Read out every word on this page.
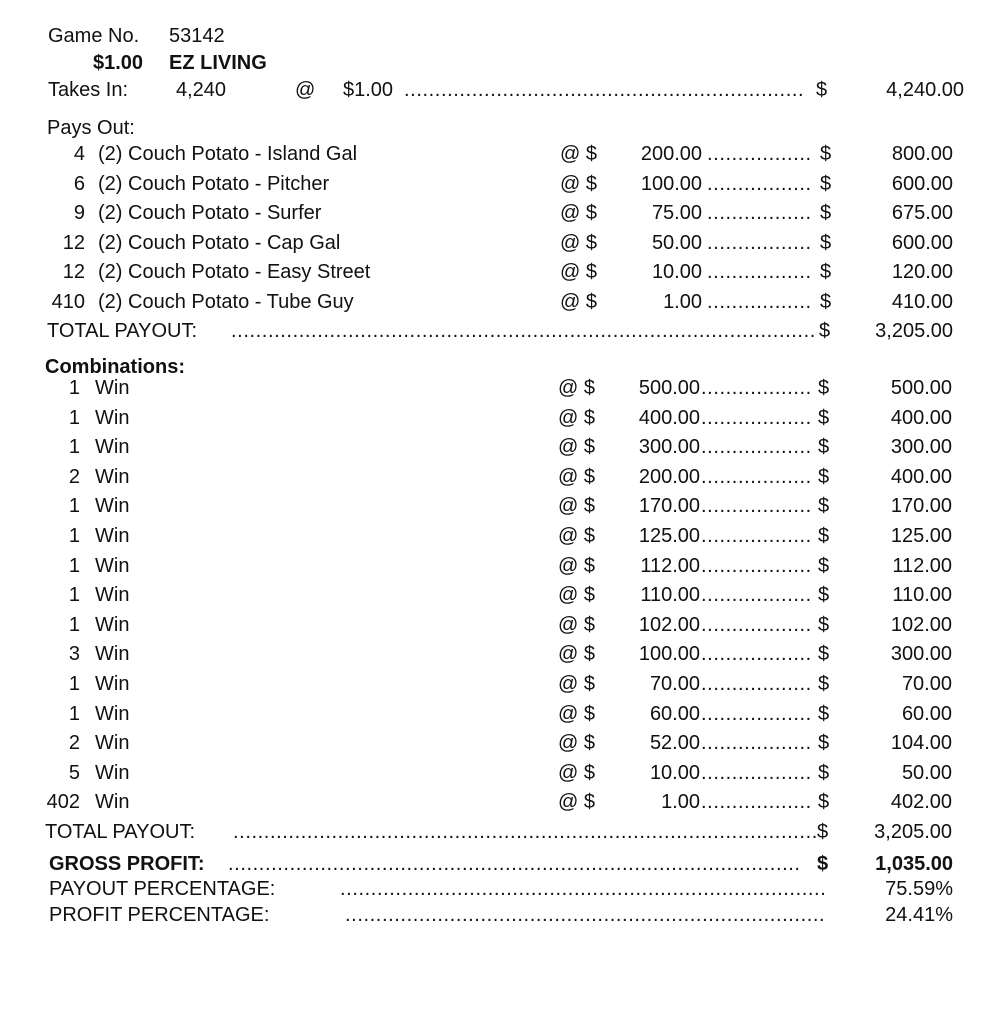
Game No. 53142
$1.00 EZ LIVING
Takes In: 4,240	@ $1.00 .....	$	4,240.00
Pays Out:
4 (2) Couch Potato - Island Gal	@ $	200.00 .....	$	800.00
6 (2) Couch Potato - Pitcher	@ $	100.00 .....	$	600.00
9 (2) Couch Potato - Surfer	@ $	75.00 .....	$	675.00
12 (2) Couch Potato - Cap Gal	@ $	50.00 .....	$	600.00
12 (2) Couch Potato - Easy Street	@ $	10.00 .....	$	120.00
410 (2) Couch Potato - Tube Guy	@ $	1.00 .....	$	410.00
TOTAL PAYOUT: .....	$	3,205.00
Combinations:
1 Win	@ $	500.00 .....	$	500.00
1 Win	@ $	400.00 .....	$	400.00
1 Win	@ $	300.00 .....	$	300.00
2 Win	@ $	200.00 .....	$	400.00
1 Win	@ $	170.00 .....	$	170.00
1 Win	@ $	125.00 .....	$	125.00
1 Win	@ $	112.00 .....	$	112.00
1 Win	@ $	110.00 .....	$	110.00
1 Win	@ $	102.00 .....	$	102.00
3 Win	@ $	100.00 .....	$	300.00
1 Win	@ $	70.00 .....	$	70.00
1 Win	@ $	60.00 .....	$	60.00
2 Win	@ $	52.00 .....	$	104.00
5 Win	@ $	10.00 .....	$	50.00
402 Win	@ $	1.00 .....	$	402.00
TOTAL PAYOUT: .....	$	3,205.00
GROSS PROFIT: .....	$	1,035.00
PAYOUT PERCENTAGE: .....	75.59%
PROFIT PERCENTAGE: .....	24.41%
